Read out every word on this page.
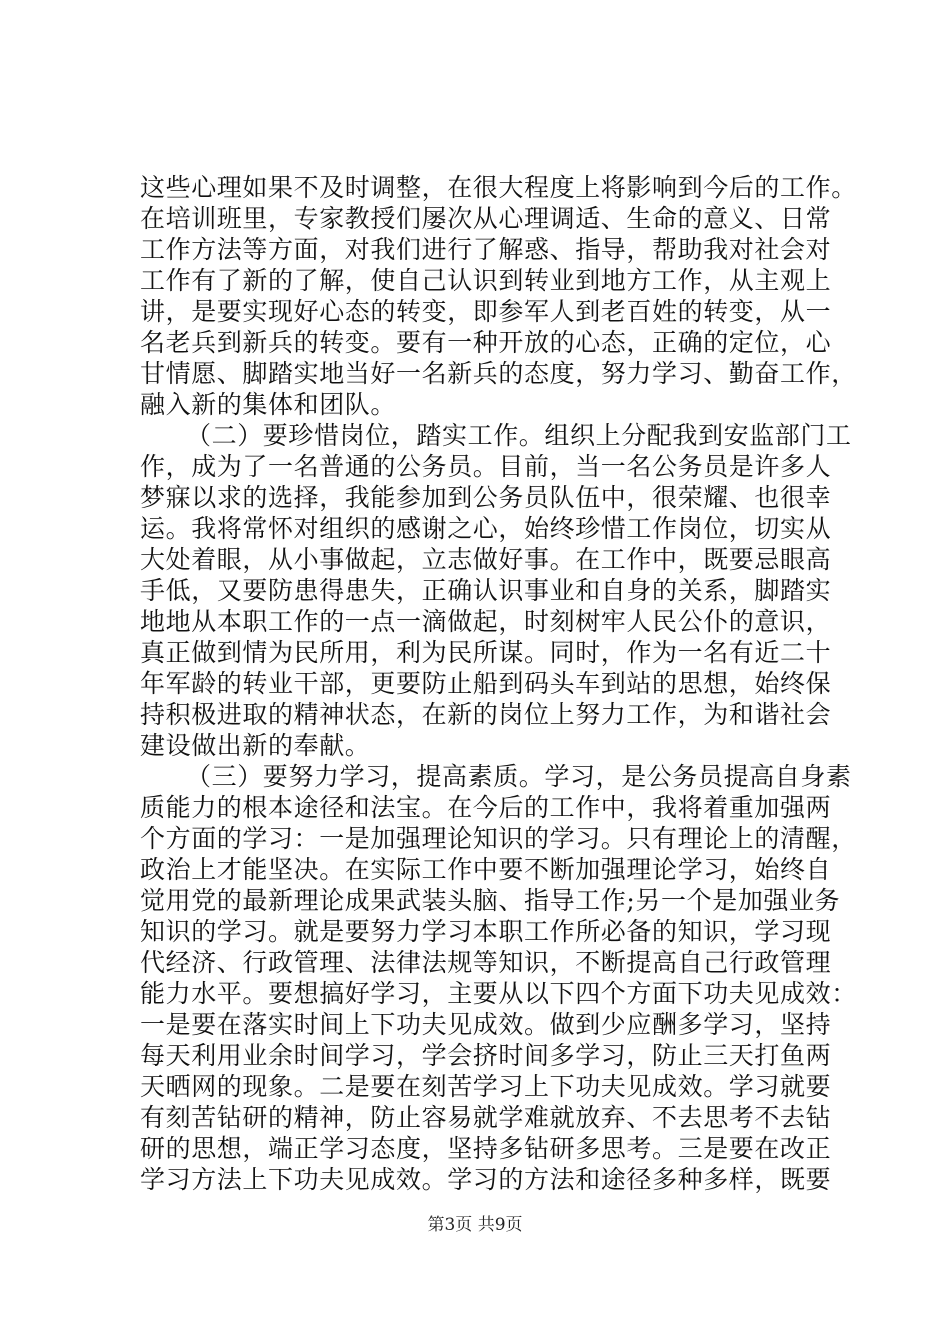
这些心理如果不及时调整，在很大程度上将影响到今后的工作。
在培训班里，专家教授们屡次从心理调适、生命的意义、日常
工作方法等方面，对我们进行了解惑、指导，帮助我对社会对
工作有了新的了解，使自己认识到转业到地方工作，从主观上
讲，是要实现好心态的转变，即参军人到老百姓的转变，从一
名老兵到新兵的转变。要有一种开放的心态，正确的定位，心
甘情愿、脚踏实地当好一名新兵的态度，努力学习、勤奋工作，
融入新的集体和团队。
（二）要珍惜岗位，踏实工作。组织上分配我到安监部门工
作，成为了一名普通的公务员。目前，当一名公务员是许多人
梦寐以求的选择，我能参加到公务员队伍中，很荣耀、也很幸
运。我将常怀对组织的感谢之心，始终珍惜工作岗位，切实从
大处着眼，从小事做起，立志做好事。在工作中，既要忌眼高
手低，又要防患得患失，正确认识事业和自身的关系，脚踏实
地地从本职工作的一点一滴做起，时刻树牢人民公仆的意识，
真正做到情为民所用，利为民所谋。同时，作为一名有近二十
年军龄的转业干部，更要防止船到码头车到站的思想，始终保
持积极进取的精神状态，在新的岗位上努力工作，为和谐社会
建设做出新的奉献。
（三）要努力学习，提高素质。学习，是公务员提高自身素
质能力的根本途径和法宝。在今后的工作中，我将着重加强两
个方面的学习：一是加强理论知识的学习。只有理论上的清醒，
政治上才能坚决。在实际工作中要不断加强理论学习，始终自
觉用党的最新理论成果武装头脑、指导工作;另一个是加强业务
知识的学习。就是要努力学习本职工作所必备的知识，学习现
代经济、行政管理、法律法规等知识，不断提高自己行政管理
能力水平。要想搞好学习，主要从以下四个方面下功夫见成效：
一是要在落实时间上下功夫见成效。做到少应酬多学习，坚持
每天利用业余时间学习，学会挤时间多学习，防止三天打鱼两
天晒网的现象。二是要在刻苦学习上下功夫见成效。学习就要
有刻苦钻研的精神，防止容易就学难就放弃、不去思考不去钻
研的思想，端正学习态度，坚持多钻研多思考。三是要在改正
学习方法上下功夫见成效。学习的方法和途径多种多样，既要
第3页 共9页
